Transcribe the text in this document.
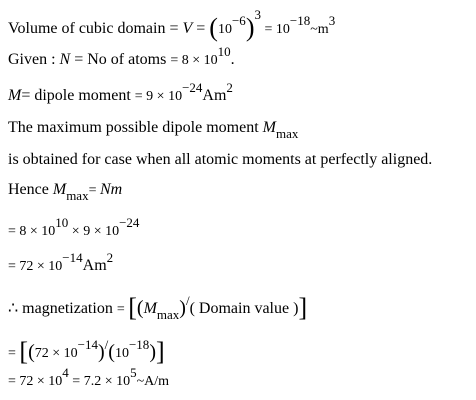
Volume of cubic domain = $V = (10^{-6})^3$ = $10^{-18}\sim m^3$
Given : N = No of atoms = $8 \times 10^{10}$.
M= dipole moment = $9 \times 10^{-24}Am^2$
The maximum possible dipole moment $M_{max}$
is obtained for case when all atomic moments at perfectly aligned.
Hence $M_{max}= Nm$
= 8 × 1010 × 9 × 10−24
= 72 × 10−14Am2
∴ magnetization = [$(M_{max})^/$( Domain value )]
= [(72 × 10−14)/(10−18)]
= 72 × 104 = 7.2 × 105~A/m
